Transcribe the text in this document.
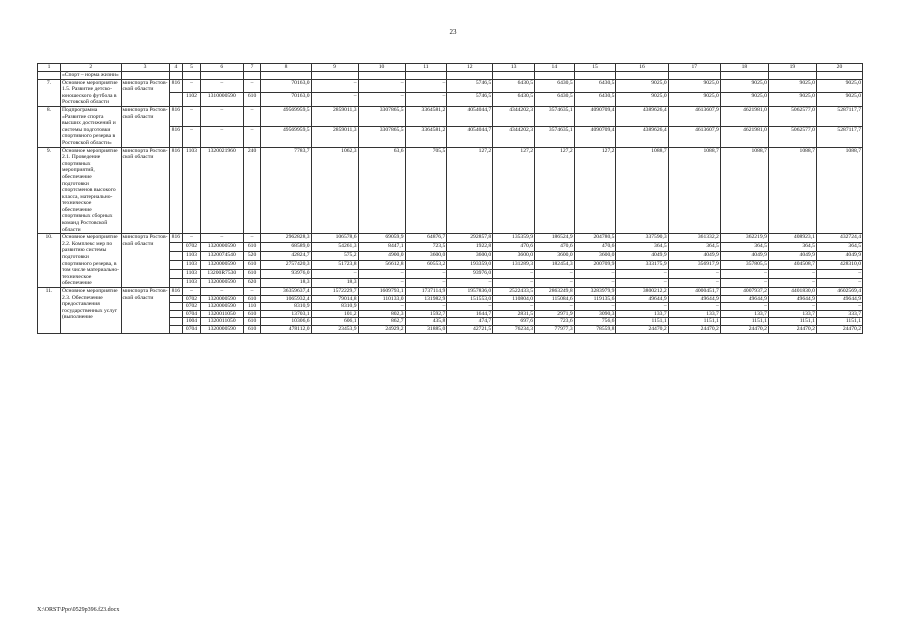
23
1	2	3	4	5	6	7	8	9	10	11	12	13	14	15	16	17	18	19	20
	«Спорт – норма жизни»																		
7.	Основное мероприятие 1.5. Развитие детско-юношеского футбола в Ростовской области	минспорта Ростов-ской области	816	–	–	–	70163,0	–	–	–	5746,5	6430,5	6430,5	6430,5	9025,0	9025,0	9025,0	9025,0	9025,0
				1102	1310000590	610	70163,0	–	–	–	5746,5	6430,5	6430,5	6430,5	9025,0	9025,0	9025,0	9025,0	9025,0
8.	Подпрограмма «Развитие спорта высших достижений и системы подготовки спортивного резерва в Ростовской области»	минспорта Ростов-ской области	816	–	–	–	49569959,5	2859011,3	3307865,5	3364581,2	4054044,7	4344202,3	3574635,1	4090709,4	4389626,4	4613607,9	4621981,0	5062577,0	5287117,7
			816	–	–	–	49569959,5	2859011,3	3307865,5	3364581,2	4054044,7	4344202,3	3574635,1	4090709,4	4389626,4	4613607,9	4621981,0	5062577,0	5287117,7
9.	Основное мероприятие 2.1. Проведение спортивных мероприятий, обеспечение подготовки спортсменов высокого класса, материально-техническое обеспечение спортивных сборных команд Ростовской области	минспорта Ростов-ской области	816	1103	1320021960	240	7783,7	1062,3	63,6	705,5	127,2	127,2	127,2	127,2	1088,7	1088,7	1088,7	1088,7	1088,7
10.	Основное мероприятие 2.2. Комплекс мер по развитию системы подготовки спортивного резерва, в том числе материально-техническое обеспечение	минспорта Ростов-ской области	816	–	–	–	2962828,3	106578,6	69059,9	64876,7	292857,8	135359,9	186524,9	204780,5	337590,3	361332,2	362219,9	408923,1	432724,4
				0702	1320000590	610	68589,0	54261,3	8447,1	723,5	1922,8	470,6	470,6	470,6	364,5	364,5	364,5	364,5	364,5
				1103	1320074540	520	42824,7	575,2	4900,0	3600,0	3600,0	3600,0	3600,0	3600,0	4049,9	4049,9	4049,9	4049,9	4049,9
				1103	1320000590	610	2757420,3	51723,8	56612,8	60553,2	193359,0	131289,3	182454,3	200709,9	333175,9	356917,9	357805,5	404508,7	428310,0
				1103	13200R7530	610	93976,0	–	–	–	93976,0	–	–	–	–	–	–	–	–
				1103	1320000590	620	18,3	18,3	–	–	–	–	–	–	–	–	–	–	–
11.	Основное мероприятие 2.3. Обеспечение предоставления государственных услуг (выполнение	минспорта Ростов-ской области	816	–	–	–	36359637,4	1572229,7	1609793,1	1737114,9	1957836,0	2522433,5	2863249,8	3283979,9	3800212,2	4000451,7	4007937,2	4401830,0	4602569,4
				0702	1320000590	610	1065932,4	79014,8	110133,0	131982,9	151553,0	110804,0	115084,6	119135,6	49644,9	49644,9	49644,9	49644,9	49644,9
				0702	1320000590	110	8310,9	8310,9	–	–	–	–	–	–	–	–	–	–	–
				0704	1320011050	610	13703,1	101,2	802,3	1592,7	1644,7	2831,5	2971,9	3090,3	133,7	133,7	133,7	133,7	333,7
				1004	1320011050	610	10306,6	606,1	862,7	435,8	474,7	697,6	723,6	756,6	1151,1	1151,1	1151,1	1151,1	1151,1
				0704	1320000590	610	478112,0	23453,9	24929,2	31885,0	42721,5	76234,3	77977,3	78559,8	24470,2	24470,2	24470,2	24470,2	24470,2
X:\ORST\Ppo\0529p396.f23.docx
